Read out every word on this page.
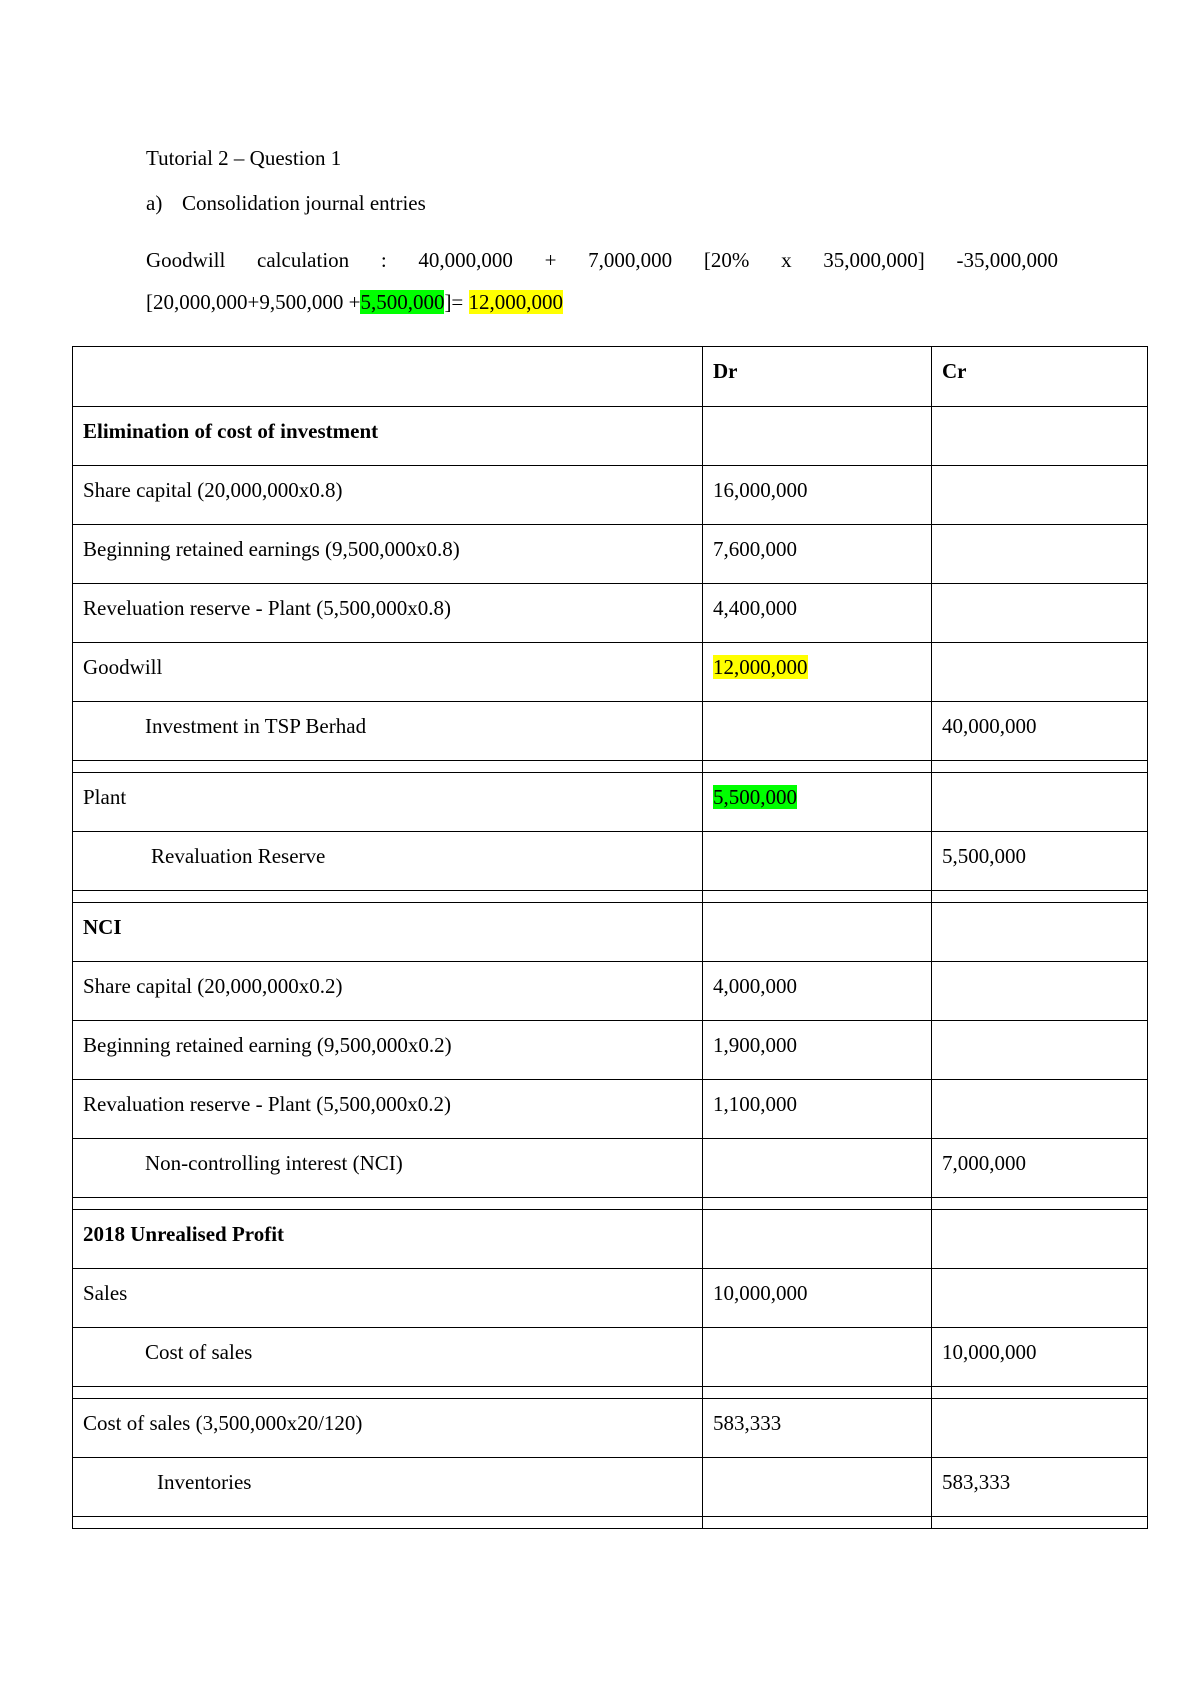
Tutorial 2 – Question 1
a) Consolidation journal entries
Goodwill calculation : 40,000,000 + 7,000,000 [20% x 35,000,000] -35,000,000
[20,000,000+9,500,000 +5,500,000]= 12,000,000
	Dr	Cr
Elimination of cost of investment		
Share capital (20,000,000x0.8)	16,000,000	
Beginning retained earnings (9,500,000x0.8)	7,600,000	
Reveluation reserve - Plant (5,500,000x0.8)	4,400,000	
Goodwill	12,000,000	
Investment in TSP Berhad		40,000,000

Plant	5,500,000	
Revaluation Reserve		5,500,000

NCI		
Share capital (20,000,000x0.2)	4,000,000	
Beginning retained earning (9,500,000x0.2)	1,900,000	
Revaluation reserve - Plant (5,500,000x0.2)	1,100,000	
Non-controlling interest (NCI)		7,000,000

2018 Unrealised Profit		
Sales	10,000,000	
Cost of sales		10,000,000

Cost of sales (3,500,000x20/120)	583,333	
Inventories		583,333
